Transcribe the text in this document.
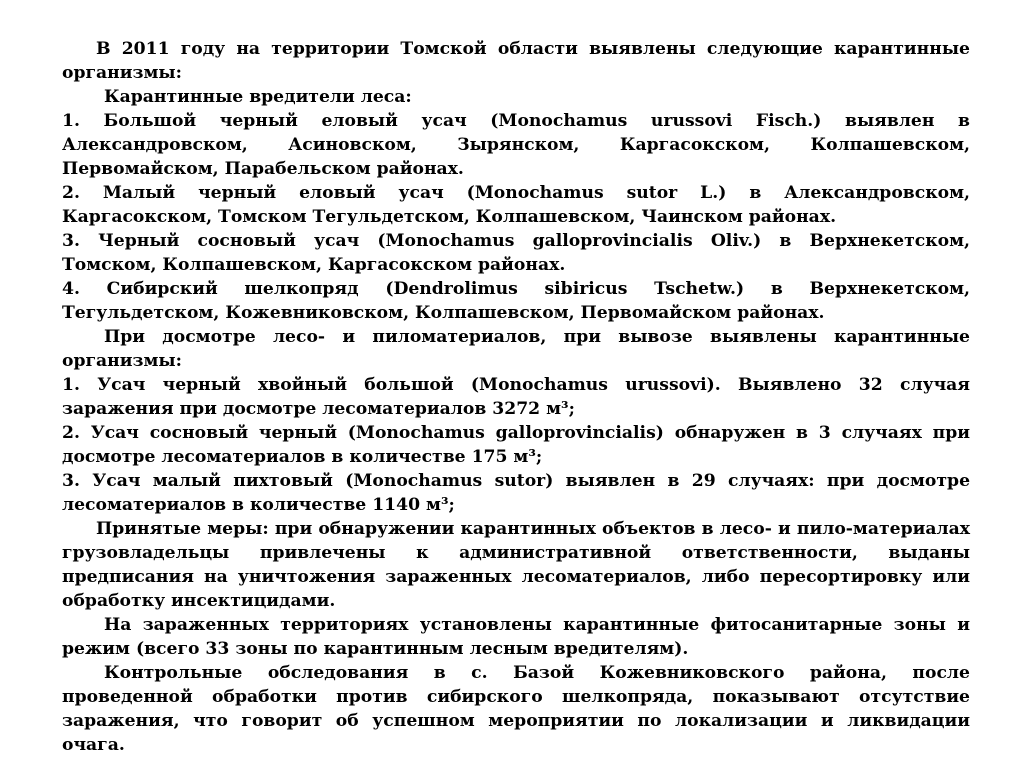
В 2011 году на территории Томской области выявлены следующие карантинные организмы:

Карантинные вредители леса:

1. Большой черный еловый усач (Monochamus urussovi Fisch.) выявлен в Александровском, Асиновском, Зырянском, Каргасокском, Колпашевском, Первомайском, Парабельском районах.

2. Малый черный еловый усач (Monochamus sutor L.) в Александровском, Каргасокском, Томском Тегульдетском, Колпашевском, Чаинском районах.

3. Черный сосновый усач (Monochamus galloprovincialis Oliv.) в Верхнекетском, Томском, Колпашевском, Каргасокском районах.

4. Сибирский шелкопряд (Dendrolimus sibiricus Tschetw.) в Верхнекетском, Тегульдетском, Кожевниковском, Колпашевском, Первомайском районах.

При досмотре лесо- и пиломатериалов, при вывозе выявлены карантинные организмы:

1. Усач черный хвойный большой (Monochamus urussovi). Выявлено 32 случая заражения при досмотре лесоматериалов 3272 м³;

2. Усач сосновый черный (Monochamus galloprovincialis) обнаружен в 3 случаях при досмотре лесоматериалов в количестве 175 м³;

3. Усач малый пихтовый (Monochamus sutor) выявлен в 29 случаях: при досмотре лесоматериалов в количестве 1140 м³;

Принятые меры: при обнаружении карантинных объектов в лесо- и пило-материалах грузовладельцы привлечены к административной ответственности, выданы предписания на уничтожения зараженных лесоматериалов, либо пересортировку или обработку инсектицидами.

На зараженных территориях установлены карантинные фитосанитарные зоны и режим (всего 33 зоны по карантинным лесным вредителям).

Контрольные обследования в с. Базой Кожевниковского района, после проведенной обработки против сибирского шелкопряда, показывают отсутствие заражения, что говорит об успешном мероприятии по локализации и ликвидации очага.
